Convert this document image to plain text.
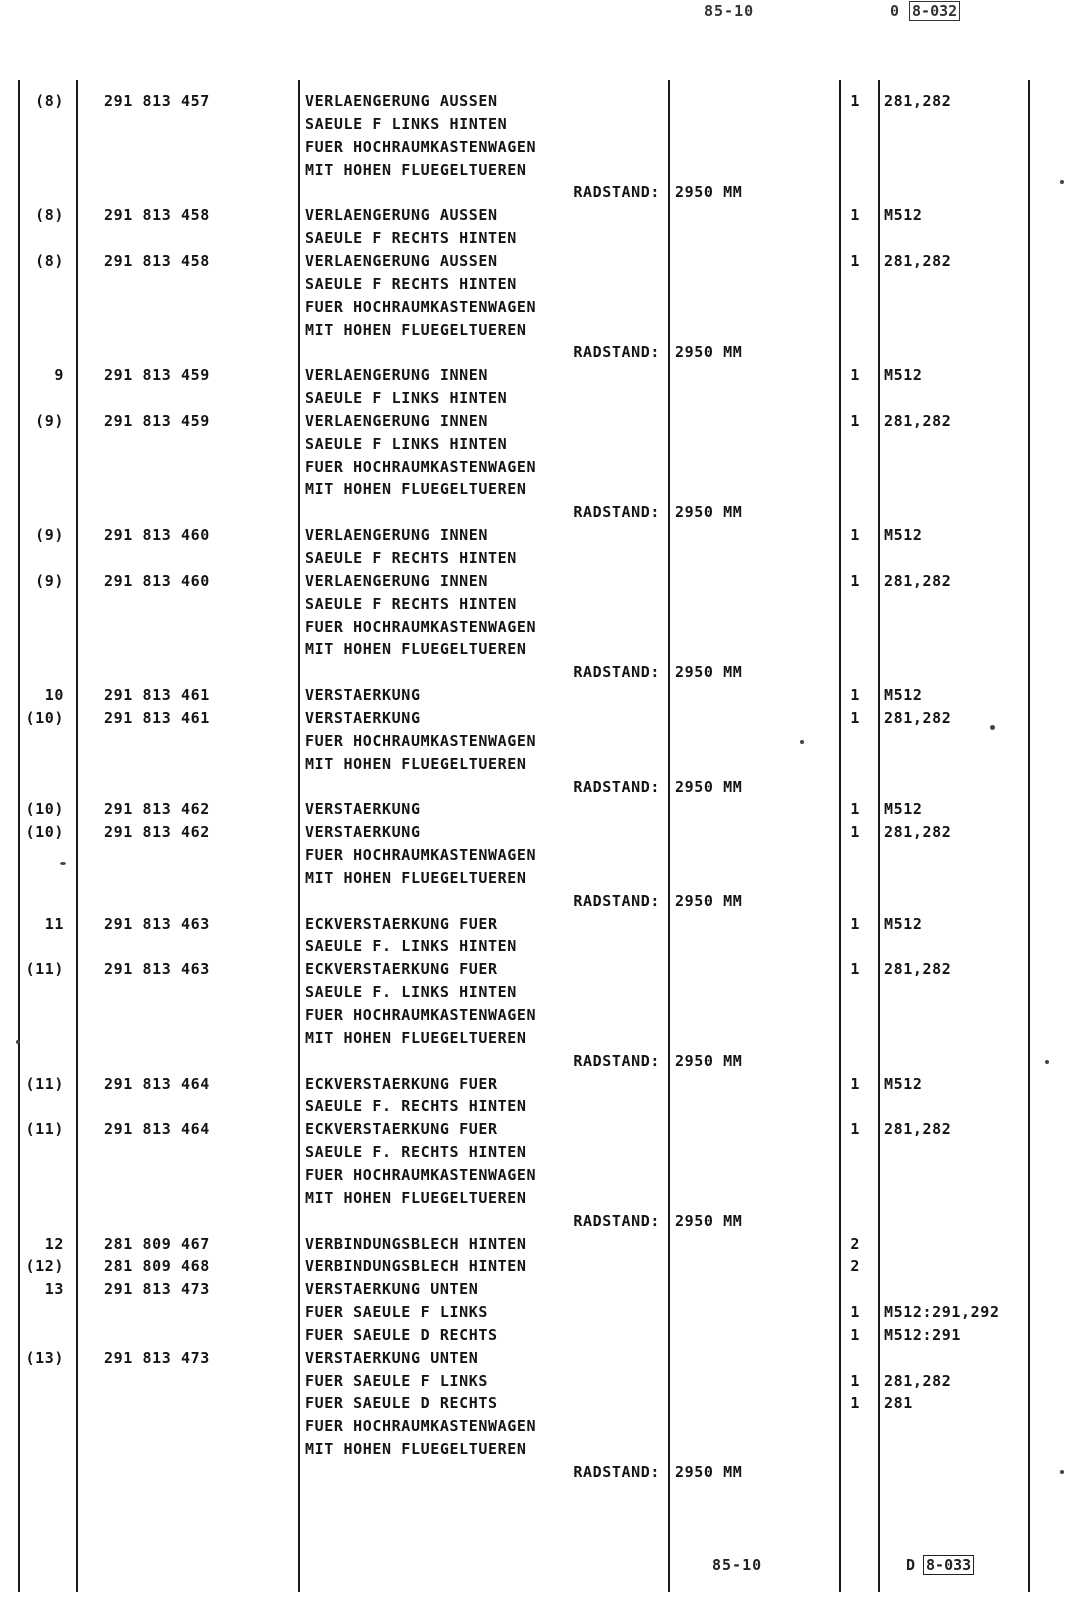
85-10	0 8-032
(8)	291 813 457	VERLAENGERUNG AUSSEN	1 281,282
SAEULE F LINKS HINTEN
FUER HOCHRAUMKASTENWAGEN
MIT HOHEN FLUEGELTUEREN
RADSTAND: 2950 MM
(8)	291 813 458	VERLAENGERUNG AUSSEN	1 M512
SAEULE F RECHTS HINTEN
(8)	291 813 458	VERLAENGERUNG AUSSEN	1 281,282
SAEULE F RECHTS HINTEN
FUER HOCHRAUMKASTENWAGEN
MIT HOHEN FLUEGELTUEREN
RADSTAND: 2950 MM
9	291 813 459	VERLAENGERUNG INNEN	1 M512
SAEULE F LINKS HINTEN
(9)	291 813 459	VERLAENGERUNG INNEN	1 281,282
SAEULE F LINKS HINTEN
FUER HOCHRAUMKASTENWAGEN
MIT HOHEN FLUEGELTUEREN
RADSTAND: 2950 MM
(9)	291 813 460	VERLAENGERUNG INNEN	1 M512
SAEULE F RECHTS HINTEN
(9)	291 813 460	VERLAENGERUNG INNEN	1 281,282
SAEULE F RECHTS HINTEN
FUER HOCHRAUMKASTENWAGEN
MIT HOHEN FLUEGELTUEREN
RADSTAND: 2950 MM
10	291 813 461	VERSTAERKUNG	1 M512
(10)	291 813 461	VERSTAERKUNG	1 281,282
FUER HOCHRAUMKASTENWAGEN
MIT HOHEN FLUEGELTUEREN
RADSTAND: 2950 MM
(10)	291 813 462	VERSTAERKUNG	1 M512
(10)	291 813 462	VERSTAERKUNG	1 281,282
FUER HOCHRAUMKASTENWAGEN
MIT HOHEN FLUEGELTUEREN
RADSTAND: 2950 MM
11	291 813 463	ECKVERSTAERKUNG FUER	1 M512
SAEULE F. LINKS HINTEN
(11)	291 813 463	ECKVERSTAERKUNG FUER	1 281,282
SAEULE F. LINKS HINTEN
FUER HOCHRAUMKASTENWAGEN
MIT HOHEN FLUEGELTUEREN
RADSTAND: 2950 MM
(11)	291 813 464	ECKVERSTAERKUNG FUER	1 M512
SAEULE F. RECHTS HINTEN
(11)	291 813 464	ECKVERSTAERKUNG FUER	1 281,282
SAEULE F. RECHTS HINTEN
FUER HOCHRAUMKASTENWAGEN
MIT HOHEN FLUEGELTUEREN
RADSTAND: 2950 MM
12	281 809 467	VERBINDUNGSBLECH HINTEN	2
(12)	281 809 468	VERBINDUNGSBLECH HINTEN	2
13	291 813 473	VERSTAERKUNG UNTEN
FUER SAEULE F LINKS	1 M512:291,292
FUER SAEULE D RECHTS	1 M512:291
(13)	291 813 473	VERSTAERKUNG UNTEN
FUER SAEULE F LINKS	1 281,282
FUER SAEULE D RECHTS	1 281
FUER HOCHRAUMKASTENWAGEN
MIT HOHEN FLUEGELTUEREN
RADSTAND: 2950 MM
85-10	D 8-033
